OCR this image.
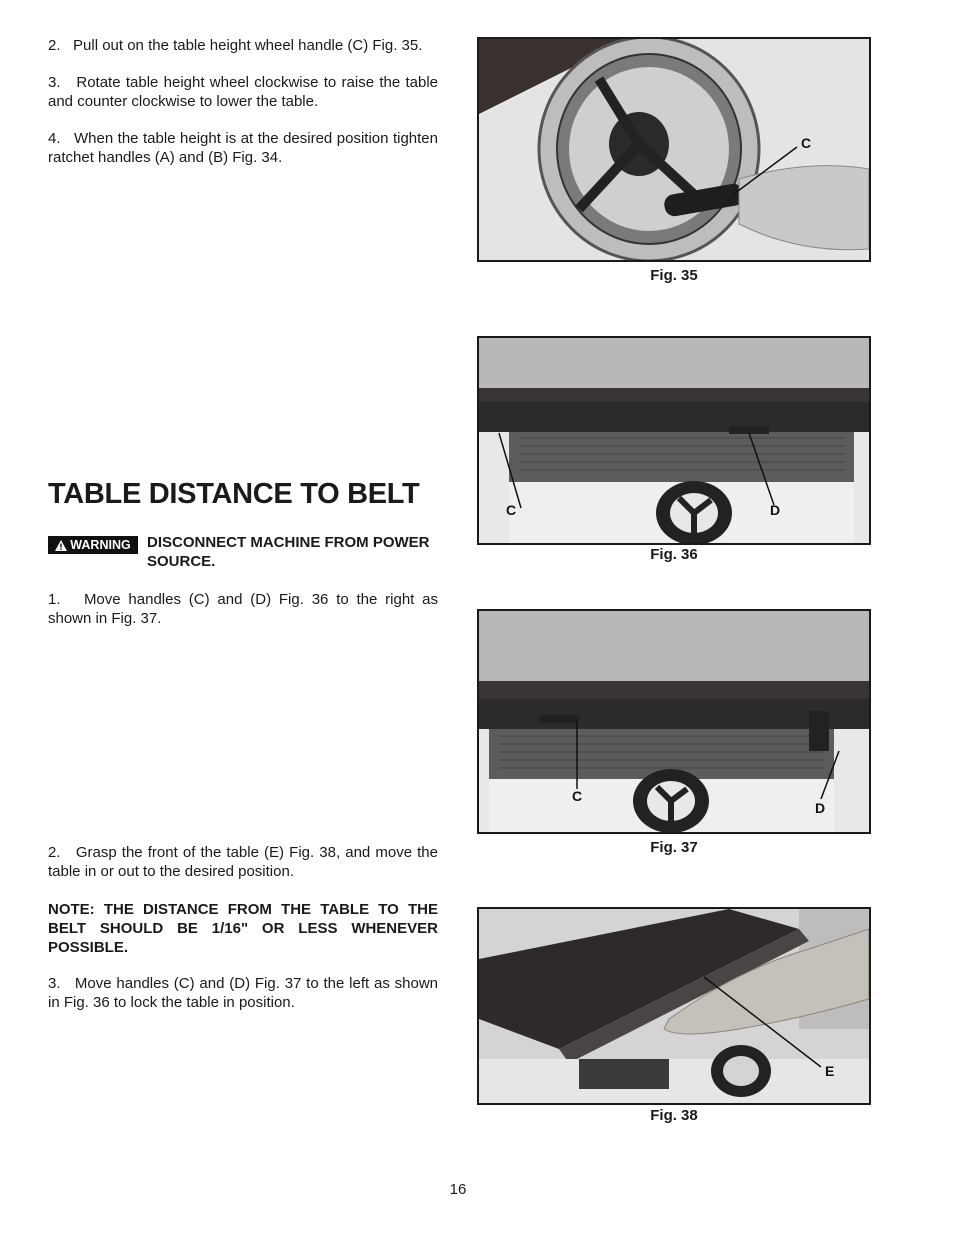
2.   Pull out on the table height wheel handle (C) Fig. 35.

3.   Rotate table height wheel clockwise to raise the table and counter clockwise to lower the table.

4.   When the table height is at the desired position tighten ratchet handles (A) and (B) Fig. 34.

TABLE DISTANCE TO BELT
WARNING DISCONNECT MACHINE FROM POWER SOURCE.

1.   Move handles (C) and (D) Fig. 36 to the right as shown in Fig. 37.

2.   Grasp the front of the table (E) Fig. 38, and move the table in or out to the desired position.

NOTE: THE DISTANCE FROM THE TABLE TO THE BELT SHOULD BE 1/16" OR LESS WHENEVER POSSIBLE.

3.   Move handles (C) and (D) Fig. 37 to the left as shown in Fig. 36 to lock the table in position.

C
Fig. 35
C	D
Fig. 36
C
D
Fig. 37
E
Fig. 38
16
